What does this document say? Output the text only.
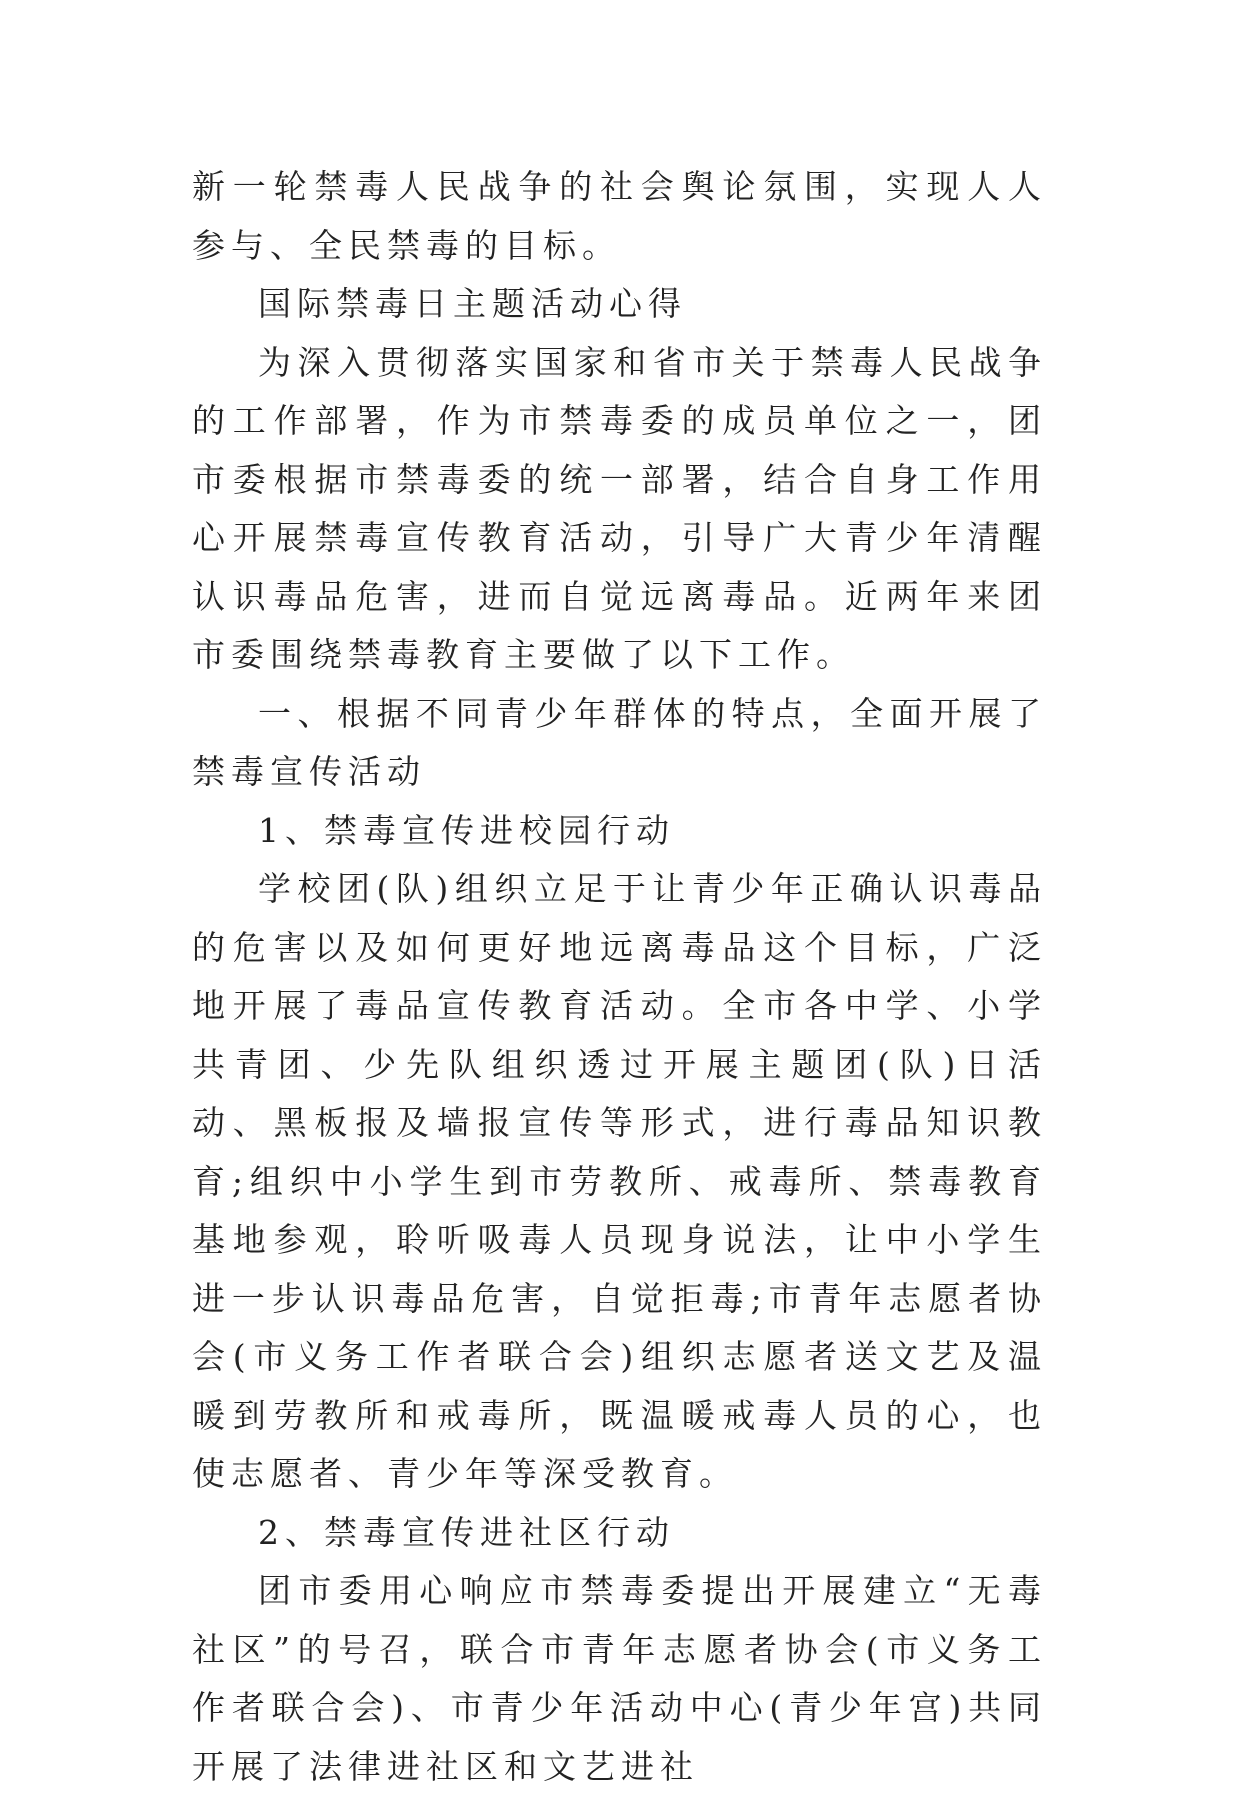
新一轮禁毒人民战争的社会舆论氛围，实现人人参与、全民禁毒的目标。

国际禁毒日主题活动心得

为深入贯彻落实国家和省市关于禁毒人民战争的工作部署，作为市禁毒委的成员单位之一，团市委根据市禁毒委的统一部署，结合自身工作用心开展禁毒宣传教育活动，引导广大青少年清醒认识毒品危害，进而自觉远离毒品。近两年来团市委围绕禁毒教育主要做了以下工作。

一、根据不同青少年群体的特点，全面开展了禁毒宣传活动

1、禁毒宣传进校园行动

学校团(队)组织立足于让青少年正确认识毒品的危害以及如何更好地远离毒品这个目标，广泛地开展了毒品宣传教育活动。全市各中学、小学共青团、少先队组织透过开展主题团(队)日活动、黑板报及墙报宣传等形式，进行毒品知识教育;组织中小学生到市劳教所、戒毒所、禁毒教育基地参观，聆听吸毒人员现身说法，让中小学生进一步认识毒品危害，自觉拒毒;市青年志愿者协会(市义务工作者联合会)组织志愿者送文艺及温暖到劳教所和戒毒所，既温暖戒毒人员的心，也使志愿者、青少年等深受教育。

2、禁毒宣传进社区行动

团市委用心响应市禁毒委提出开展建立“无毒社区”的号召，联合市青年志愿者协会(市义务工作者联合会)、市青少年活动中心(青少年宫)共同开展了法律进社区和文艺进社
